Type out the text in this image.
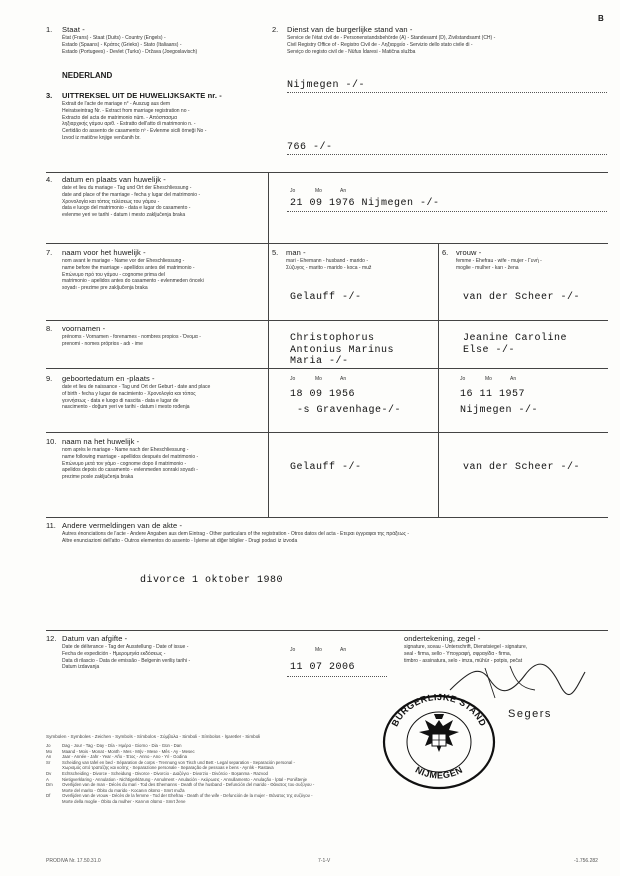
B
1. Staat -
État (Frans) - Staat (Duits) - Country (Engels) -
Estado (Spaans) - Κράτος (Grieks) - Stato (Italiaans) -
Estado (Portugees) - Devlet (Turks) - Država (Joegoslavisch)
NEDERLAND
2. Dienst van de burgerlijke stand van -
Service de l'état civil de - Personenstandsbehörde (A) - Standesamt (D), Zivilstandsamt (CH) -
Civil Registry Office of - Registro Civil de - Ληξιαρχείο - Servizio dello stato civile di -
Serviço do registo civil de - Nüfus İdaresi - Matična služba
Nijmegen -/-
3. UITTREKSEL UIT DE HUWELIJKSAKTE nr. -
Extrait de l'acte de mariage n° - Auszug aus dem
Heiratseintrag Nr. - Extract from marriage registration no -
Extracto del acta de matrimonio núm. - Απόσπασμα
ληξιαρχικής γάμου αριθ. - Estratto dell'atto di matrimonio n. -
Certidão do assento de casamento nº - Evlenme sicili örneği No -
Izvod iz matične knjige venčanih br.
766 -/-
4. datum en plaats van huwelijk -
date et lieu du mariage - Tag und Ort der Eheschliessung -
date and place of the marriage - fecha y lugar del matrimonio -
Χρονολογία και τόπος τελέσεως του γάμου -
data e luogo del matrimonio - data e lugar do casamento -
evlenme yeri ve tarihi - datum i mesto zaključenja braka
Jo	Mo	An
21 09 1976 Nijmegen -/-
5. man -
mari - Ehemann - husband - marido -
Σύζυγος - marito - marido - koca - muž
6. vrouw -
femme - Ehefrau - wife - mujer - Γυνή -
moglie - mulher - karı - žena
7. naam voor het huwelijk -
nom avant le mariage - Name vor der Eheschliessung -
name before the marriage - apellidos antes del matrimonio -
Επώνυμο πρό του γάμου - cognome prima del
matrimonio - apelidos antes do casamento - evlenmeden önceki
soyadı - prezime pre zaključenja braka
Gelauff -/-	van der Scheer -/-
8. voornamen -
prénoms - Vornamen - forenames - nombres propios - Όνομα -
prenomi - nomes próprios - adı - ime	Christophorus
Antonius Marinus
Maria -/-
Jeanine Caroline
Else -/-
9. geboortedatum en -plaats -
date et lieu de naissance - Tag und Ort der Geburt - date and place
of birth - fecha y lugar de nacimiento - Χρονολογία και τόπος
γεννήσεως - data e luogo di nascita - data e lugar de
nascimento - doğum yeri ve tarihi - datum i mesto rođenja
Jo	Mo	An	Jo	Mo	An
18 09 1956
-s Gravenhage-/-
16 11 1957
Nijmegen -/-
10. naam na het huwelijk -
nom après le mariage - Name nach der Eheschliessung -
name following marriage - apellidos después del matrimonio -
Επώνυμο μετά τον γάμο - cognome dopo il matrimonio -
apelidos depois do casamento - evlenmeden sonraki soyadı -
prezime posle zaključenja braka
Gelauff -/-	van der Scheer -/-
11. Andere vermeldingen van de akte -
Autres énonciations de l'acte - Andere Angaben aus dem Eintrag - Other particulars of the registration - Otros datos del acta - Ετεραι έγγραφαι της πράξεως -
Altre enunciazioni dell'atto - Outros elementos do assento - İşleme ait diğer bilgiler - Drugi podaci iz izvoda
divorce 1 oktober 1980
12. Datum van afgifte -
Date de délivrance - Tag der Ausstellung - Date of issue -
Fecha de expedición - Ημερομηνία εκδόσεως -
Data di rilascio - Data de emissão - Belgenin veriliş tarihi -
Datum izdavanja
Jo	Mo	An
11 07 2006
ondertekening, zegel -
signature, sceau - Unterschrift, Dienstsiegel - signature,
seal - firma, sello - Υπογραφή, σφραγίδα - firma,
timbro - assinatura, selo - imza, mühür - potpis, pečat
BURGERLIJKE STAND
NIJMEGEN
Segers
Symbolen - Symboles - Zeichen - Symbols - Símbolos - Σύμβολα - Simboli - Símbolos - İşaretler - Simboli
Jo	Dag - Jour - Tag - Day - Día - Ημέρα - Giorno - Dia - Gün - Dan
Mo Maand - Mois - Monat - Month - Mes - Μήν - Mese - Mês - Ay - Mesec
An Jaar - Année - Jahr - Year - Año - Έτος - Anno - Ano - Yıl - Godina
Sr	Scheiding van tafel en bed - Séparation de corps - Trennung von Tisch und Bett - Legal separation - Separación personal -
Χωρισμός από τραπέζης και κοίτης - Separazione personale - Separação de pessoas e bens - Ayrılık - Rastava
Dv Echtscheiding - Divorce - Scheidung - Divorce - Divorcio - Διαζύγιο - Divorzio - Divórcio - Boşanma - Razvod
A	Nietigverklaring - Annulation - Nichtigerklärung - Annulment - Anulación - Ακύρωσις - Annullamento - Anulação - İptal - Poništenje
Dm Overlijden van de man - Décès du mari - Tod des Ehemanns - Death of the husband - Defunción del marido - Θάνατος του συζύγου -
Morte del marito - Óbito do marido - Kocanın ölümü - Smrt muža
Df	Overlijden van de vrouw - Décès de la femme - Tod der Ehefrau - Death of the wife - Defunción de la mujer - Θάνατος της συζύγου -
Morte della moglie - Óbito da mulher - Karının ölümü - Smrt žene
PRODIVA Nr. 17.50.31.0	7-1-V	-1.756.282
